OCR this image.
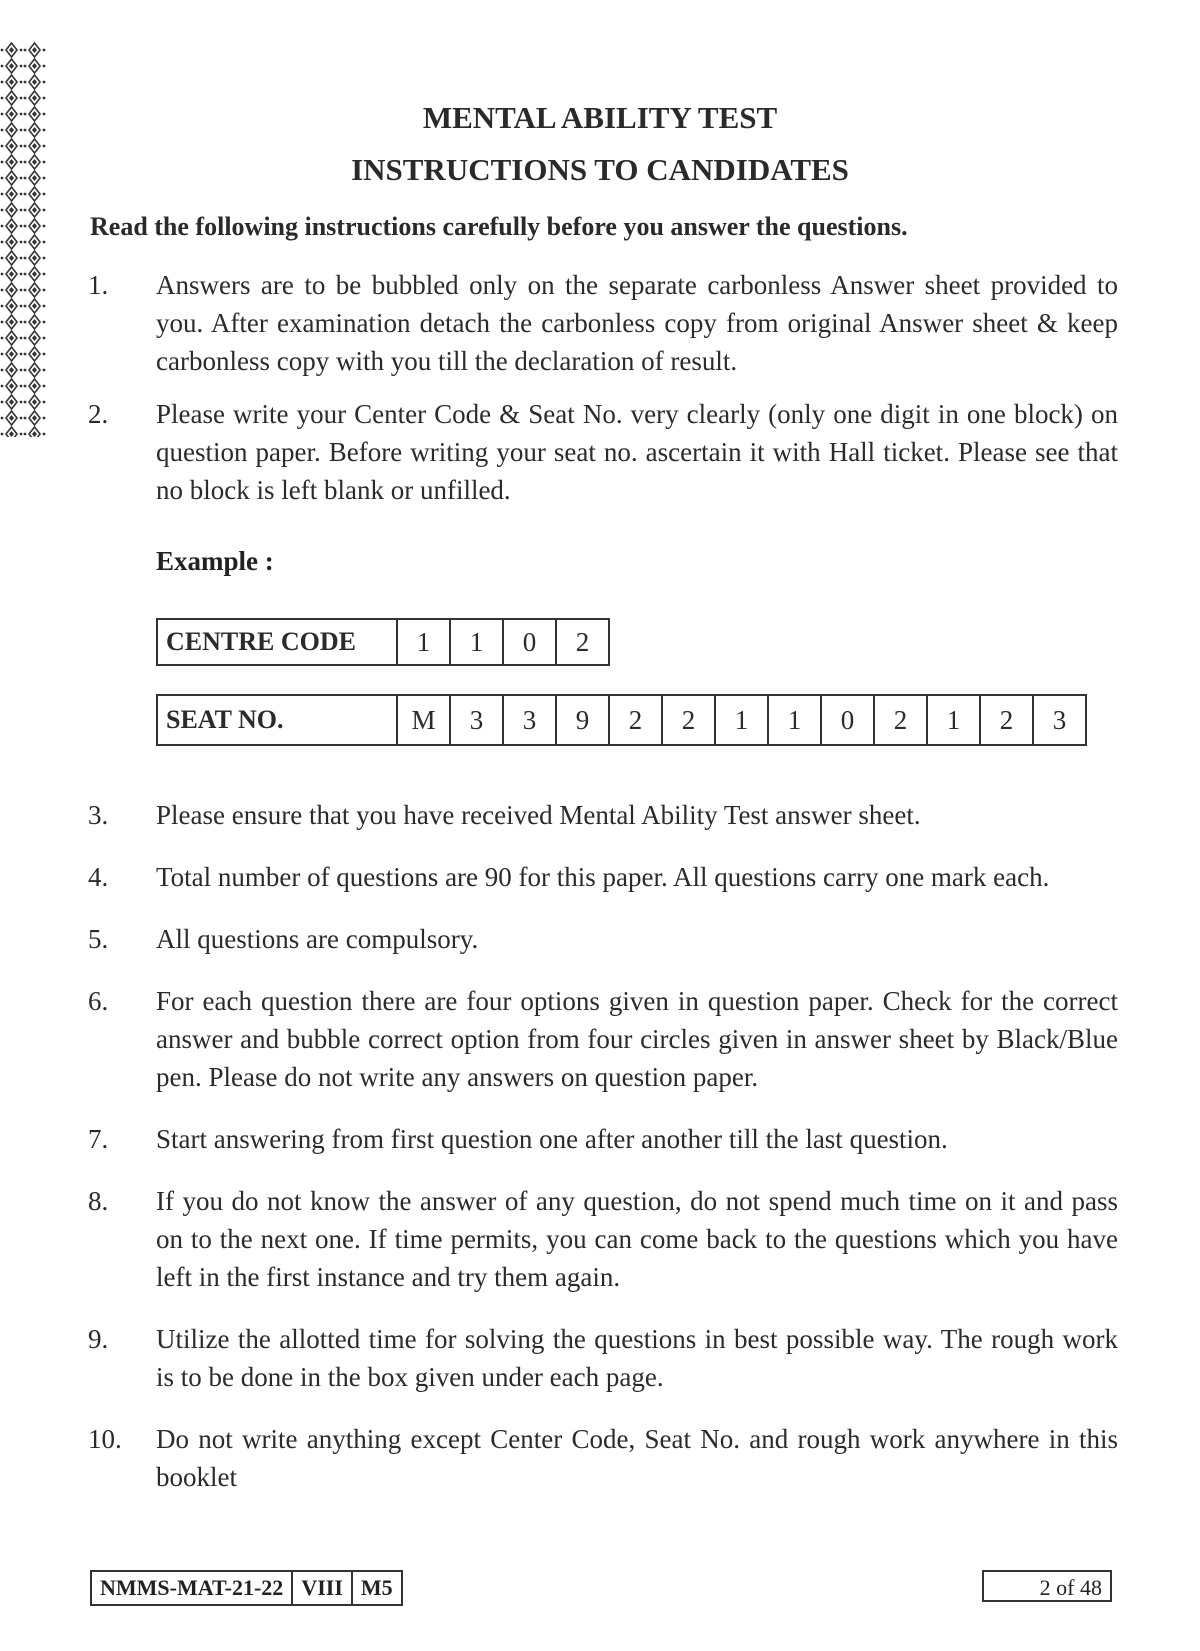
MENTAL ABILITY TEST
INSTRUCTIONS TO CANDIDATES
Read the following instructions carefully before you answer the questions.
1. Answers are to be bubbled only on the separate carbonless Answer sheet provided to you. After examination detach the carbonless copy from original Answer sheet & keep carbonless copy with you till the declaration of result.
2. Please write your Center Code & Seat No. very clearly (only one digit in one block) on question paper. Before writing your seat no. ascertain it with Hall ticket. Please see that no block is left blank or unfilled.
Example :
CENTRE CODE	1	1	0	2
SEAT NO.	M	3	3	9	2	2	1	1	0	2	1	2	3
3. Please ensure that you have received Mental Ability Test answer sheet.
4. Total number of questions are 90 for this paper. All questions carry one mark each.
5. All questions are compulsory.
6. For each question there are four options given in question paper. Check for the correct answer and bubble correct option from four circles given in answer sheet by Black/Blue pen. Please do not write any answers on question paper.
7. Start answering from first question one after another till the last question.
8. If you do not know the answer of any question, do not spend much time on it and pass on to the next one. If time permits, you can come back to the questions which you have left in the first instance and try them again.
9. Utilize the allotted time for solving the questions in best possible way. The rough work is to be done in the box given under each page.
10. Do not write anything except Center Code, Seat No. and rough work anywhere in this booklet
NMMS-MAT-21-22	VIII	M5	2 of 48
